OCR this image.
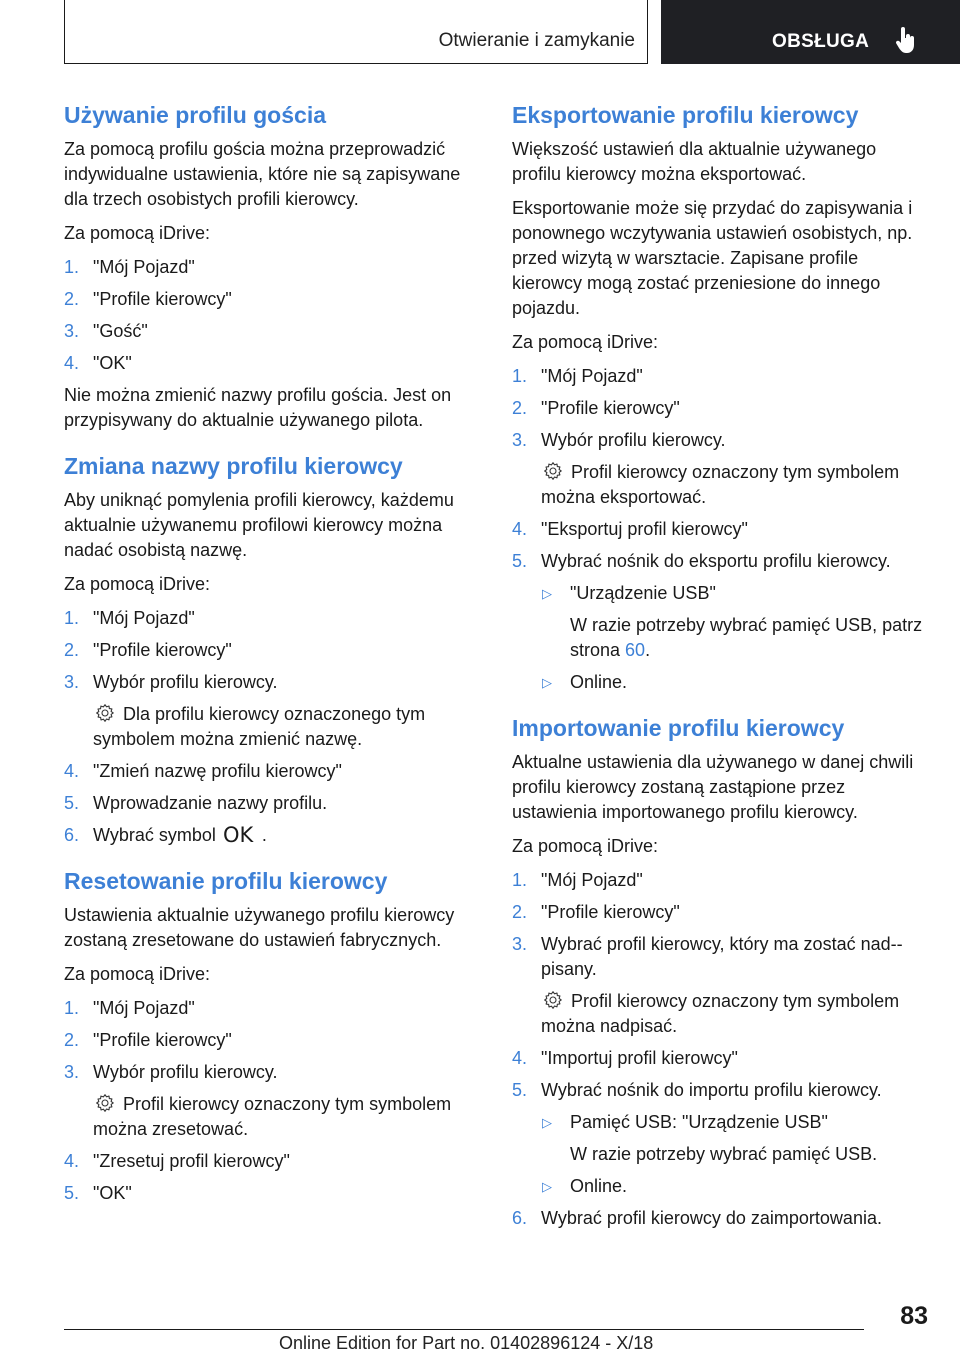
Otwieranie i zamykanie	OBSŁUGA
Używanie profilu gościa

Za pomocą profilu gościa można przeprowadzić indywidualne ustawienia, które nie są zapisywane dla trzech osobistych profili kierowcy.

Za pomocą iDrive:

1. "Mój Pojazd"
2. "Profile kierowcy"
3. "Gość"
4. "OK"

Nie można zmienić nazwy profilu gościa. Jest on przypisywany do aktualnie używanego pilota.

Zmiana nazwy profilu kierowcy

Aby uniknąć pomylenia profili kierowcy, każdemu aktualnie używanemu profilowi kierowcy można nadać osobistą nazwę.

Za pomocą iDrive:

1. "Mój Pojazd"
2. "Profile kierowcy"
3. Wybór profilu kierowcy.
Dla profilu kierowcy oznaczonego tym symbolem można zmienić nazwę.
4. "Zmień nazwę profilu kierowcy"
5. Wprowadzanie nazwy profilu.
6. Wybrać symbol OK .
Resetowanie profilu kierowcy

Ustawienia aktualnie używanego profilu kierowcy zostaną zresetowane do ustawień fabrycznych.

Za pomocą iDrive:

1. "Mój Pojazd"
2. "Profile kierowcy"
3. Wybór profilu kierowcy.
Profil kierowcy oznaczony tym symbolem można zresetować.
4. "Zresetuj profil kierowcy"
5. "OK"
Eksportowanie profilu kierowcy

Większość ustawień dla aktualnie używanego profilu kierowcy można eksportować.

Eksportowanie może się przydać do zapisywania i ponownego wczytywania ustawień osobistych, np. przed wizytą w warsztacie. Zapisane profile kierowcy mogą zostać przeniesione do innego pojazdu.

Za pomocą iDrive:

1. "Mój Pojazd"
2. "Profile kierowcy"
3. Wybór profilu kierowcy.
Profil kierowcy oznaczony tym symbolem można eksportować.
4. "Eksportuj profil kierowcy"
5. Wybrać nośnik do eksportu profilu kierowcy.
▷ "Urządzenie USB"
W razie potrzeby wybrać pamięć USB, patrz strona 60.
▷ Online.
Importowanie profilu kierowcy

Aktualne ustawienia dla używanego w danej chwili profilu kierowcy zostaną zastąpione przez ustawienia importowanego profilu kierowcy.

Za pomocą iDrive:

1. "Mój Pojazd"
2. "Profile kierowcy"
3. Wybrać profil kierowcy, który ma zostać nad-pisany.
Profil kierowcy oznaczony tym symbolem można nadpisać.
4. "Importuj profil kierowcy"
5. Wybrać nośnik do importu profilu kierowcy.
▷ Pamięć USB: "Urządzenie USB"
W razie potrzeby wybrać pamięć USB.
▷ Online.
6. Wybrać profil kierowcy do zaimportowania.
83
Online Edition for Part no. 01402896124 - X/18
